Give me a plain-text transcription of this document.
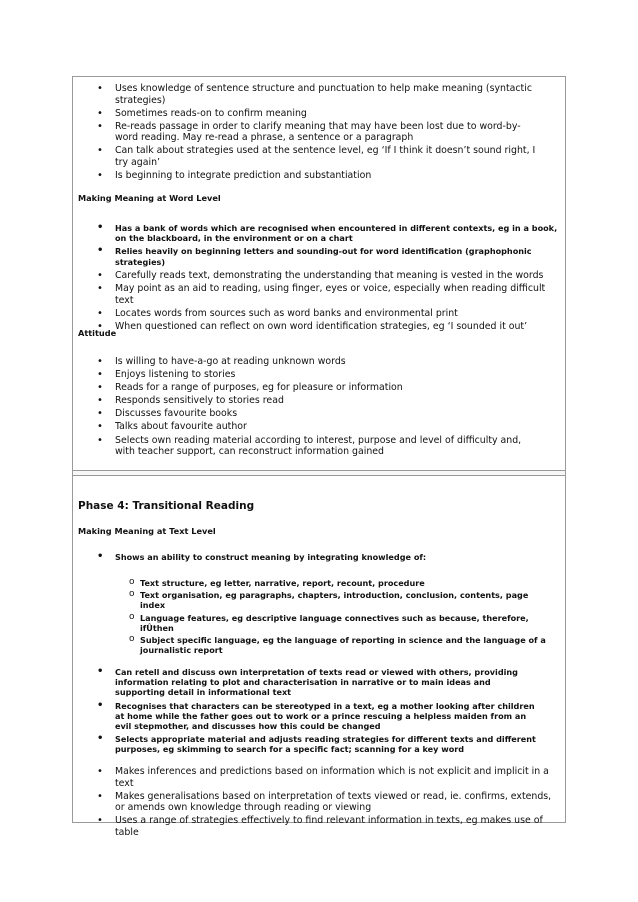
• Uses knowledge of sentence structure and punctuation to help make meaning (syntactic strategies)
• Sometimes reads-on to confirm meaning
• Re-reads passage in order to clarify meaning that may have been lost due to word-by-word reading. May re-read a phrase, a sentence or a paragraph
• Can talk about strategies used at the sentence level, eg ‘If I think it doesn’t sound right, I try again’
• Is beginning to integrate prediction and substantiation
Making Meaning at Word Level
• Has a bank of words which are recognised when encountered in different contexts, eg in a book, on the blackboard, in the environment or on a chart
• Relies heavily on beginning letters and sounding-out for word identification (graphophonic strategies)
• Carefully reads text, demonstrating the understanding that meaning is vested in the words
• May point as an aid to reading, using finger, eyes or voice, especially when reading difficult text
• Locates words from sources such as word banks and environmental print
• When questioned can reflect on own word identification strategies, eg ‘I sounded it out’
Attitude
• Is willing to have-a-go at reading unknown words
• Enjoys listening to stories
• Reads for a range of purposes, eg for pleasure or information
• Responds sensitively to stories read
• Discusses favourite books
• Talks about favourite author
• Selects own reading material according to interest, purpose and level of difficulty and, with teacher support, can reconstruct information gained
Phase 4: Transitional Reading
Making Meaning at Text Level
• Shows an ability to construct meaning by integrating knowledge of:
o Text structure, eg letter, narrative, report, recount, procedure
o Text organisation, eg paragraphs, chapters, introduction, conclusion, contents, page index
o Language features, eg descriptive language connectives such as because, therefore, ifÛthen
o Subject specific language, eg the language of reporting in science and the language of a journalistic report
• Can retell and discuss own interpretation of texts read or viewed with others, providing information relating to plot and characterisation in narrative or to main ideas and supporting detail in informational text
• Recognises that characters can be stereotyped in a text, eg a mother looking after children at home while the father goes out to work or a prince rescuing a helpless maiden from an evil stepmother, and discusses how this could be changed
• Selects appropriate material and adjusts reading strategies for different texts and different purposes, eg skimming to search for a specific fact; scanning for a key word
• Makes inferences and predictions based on information which is not explicit and implicit in a text
• Makes generalisations based on interpretation of texts viewed or read, ie. confirms, extends, or amends own knowledge through reading or viewing
• Uses a range of strategies effectively to find relevant information in texts, eg makes use of table
